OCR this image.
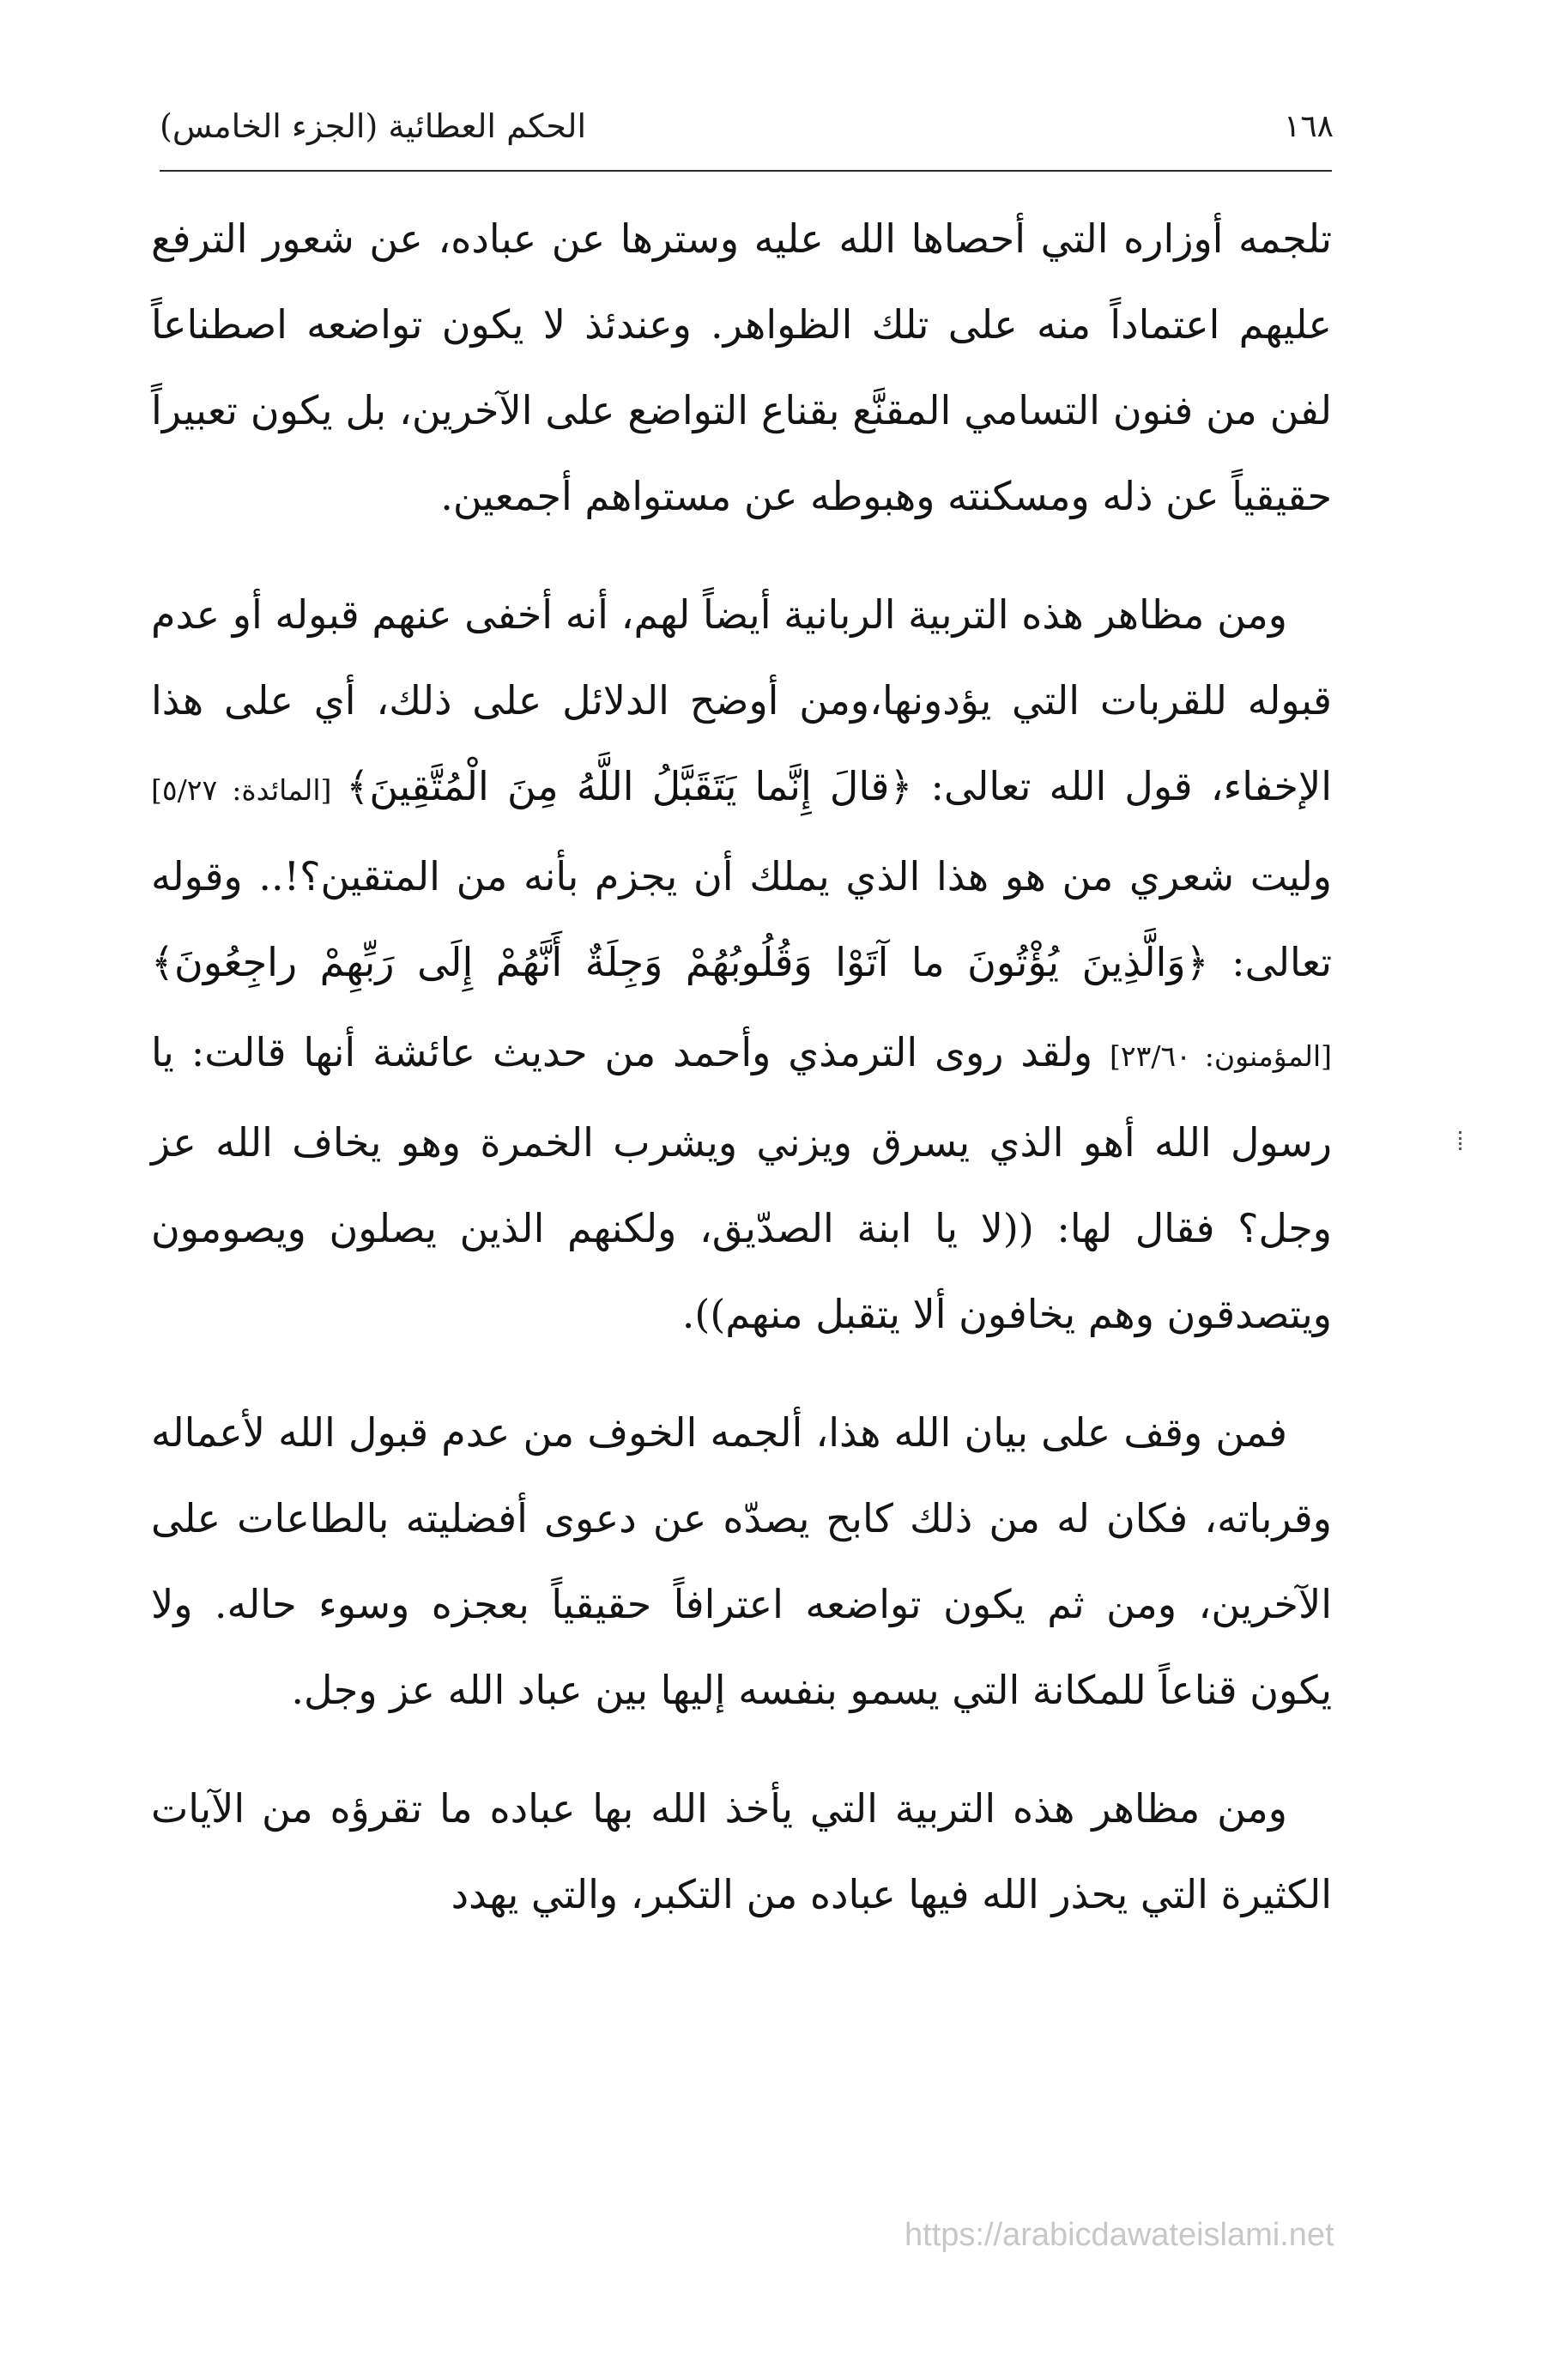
الحكم العطائية (الجزء الخامس)	١٦٨

تلجمه أوزاره التي أحصاها الله عليه وسترها عن عباده، عن شعور الترفع عليهم اعتماداً منه على تلك الظواهر. وعندئذ لا يكون تواضعه اصطناعاً لفن من فنون التسامي المقنَّع بقناع التواضع على الآخرين، بل يكون تعبيراً حقيقياً عن ذله ومسكنته وهبوطه عن مستواهم أجمعين.

ومن مظاهر هذه التربية الربانية أيضاً لهم، أنه أخفى عنهم قبوله أو عدم قبوله للقربات التي يؤدونها،ومن أوضح الدلائل على ذلك، أي على هذا الإخفاء، قول الله تعالى: ﴿قالَ إِنَّما يَتَقَبَّلُ اللَّهُ مِنَ الْمُتَّقِينَ﴾ [المائدة: ٥/٢٧] وليت شعري من هو هذا الذي يملك أن يجزم بأنه من المتقين؟!.. وقوله تعالى: ﴿وَالَّذِينَ يُؤْتُونَ ما آتَوْا وَقُلُوبُهُمْ وَجِلَةٌ أَنَّهُمْ إِلَى رَبِّهِمْ راجِعُونَ﴾ [المؤمنون: ٢٣/٦٠] ولقد روى الترمذي وأحمد من حديث عائشة أنها قالت: يا رسول الله أهو الذي يسرق ويزني ويشرب الخمرة وهو يخاف الله عز وجل؟ فقال لها: ((لا يا ابنة الصدّيق، ولكنهم الذين يصلون ويصومون ويتصدقون وهم يخافون ألا يتقبل منهم)).

فمن وقف على بيان الله هذا، ألجمه الخوف من عدم قبول الله لأعماله وقرباته، فكان له من ذلك كابح يصدّه عن دعوى أفضليته بالطاعات على الآخرين، ومن ثم يكون تواضعه اعترافاً حقيقياً بعجزه وسوء حاله. ولا يكون قناعاً للمكانة التي يسمو بنفسه إليها بين عباد الله عز وجل.

ومن مظاهر هذه التربية التي يأخذ الله بها عباده ما تقرؤه من الآيات الكثيرة التي يحذر الله فيها عباده من التكبر، والتي يهدد

https://arabicdawateislami.net
